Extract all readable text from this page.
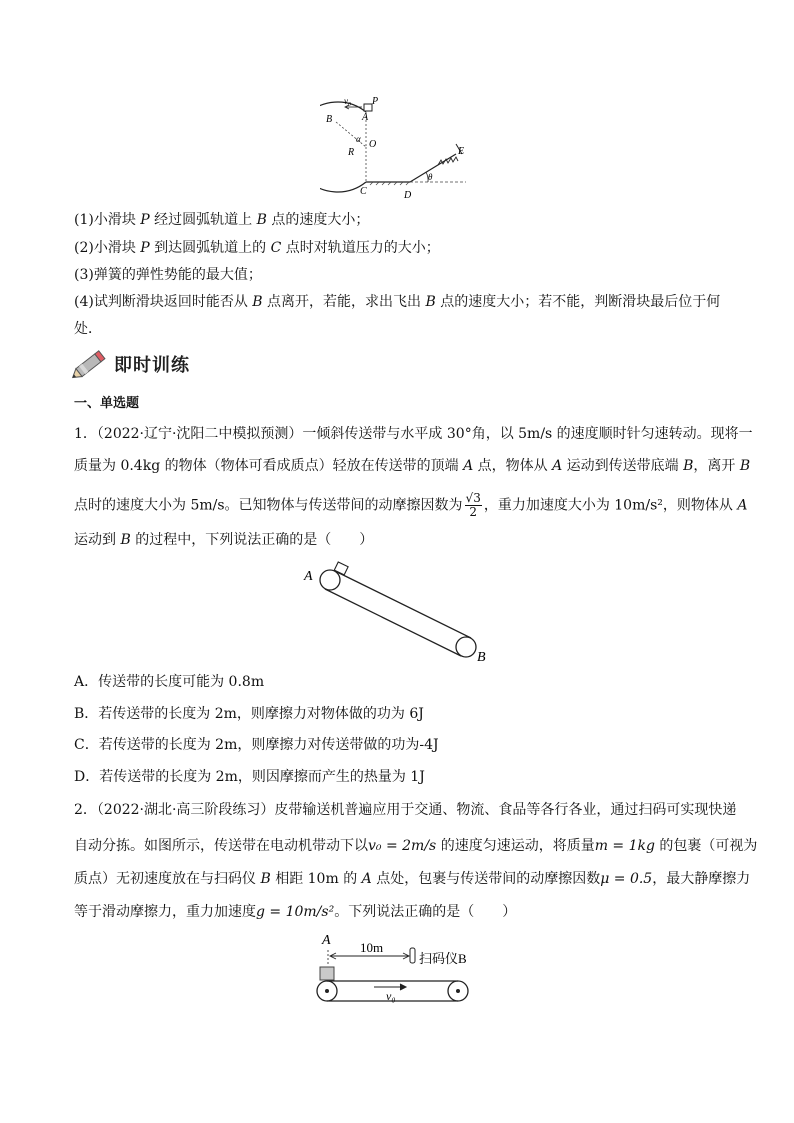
v₀ P
A
B
α
R
O
C	D
E
θ
(1)小滑块 P 经过圆弧轨道上 B 点的速度大小；
(2)小滑块 P 到达圆弧轨道上的 C 点时对轨道压力的大小；
(3)弹簧的弹性势能的最大值；
(4)试判断滑块返回时能否从 B 点离开，若能，求出飞出 B 点的速度大小；若不能，判断滑块最后位于何
处．
即时训练
一、单选题
1．（2022·辽宁·沈阳二中模拟预测）一倾斜传送带与水平成 30°角，以 5m/s 的速度顺时针匀速转动。现将一
质量为 0.4kg 的物体（物体可看成质点）轻放在传送带的顶端 A 点，物体从 A 运动到传送带底端 B，离开 B
点时的速度大小为 5m/s。已知物体与传送带间的动摩擦因数为 $\frac{√3}{2}$ ，重力加速度大小为 10m/s²，则物体从 A
运动到 B 的过程中，下列说法正确的是（　　）
A
B
A．传送带的长度可能为 0.8m
B．若传送带的长度为 2m，则摩擦力对物体做的功为 6J
C．若传送带的长度为 2m，则摩擦力对传送带做的功为-4J
D．若传送带的长度为 2m，则因摩擦而产生的热量为 1J
2．（2022·湖北·高三阶段练习）皮带输送机普遍应用于交通、物流、食品等各行各业，通过扫码可实现快递
自动分拣。如图所示，传送带在电动机带动下以v₀ = 2m/s 的速度匀速运动，将质量m = 1kg 的包裹（可视为
质点）无初速度放在与扫码仪 B 相距 10m 的 A 点处，包裹与传送带间的动摩擦因数μ = 0.5，最大静摩擦力
等于滑动摩擦力，重力加速度g = 10m/s²。下列说法正确的是（　　）
A 10m
扫码仪B
v₀
